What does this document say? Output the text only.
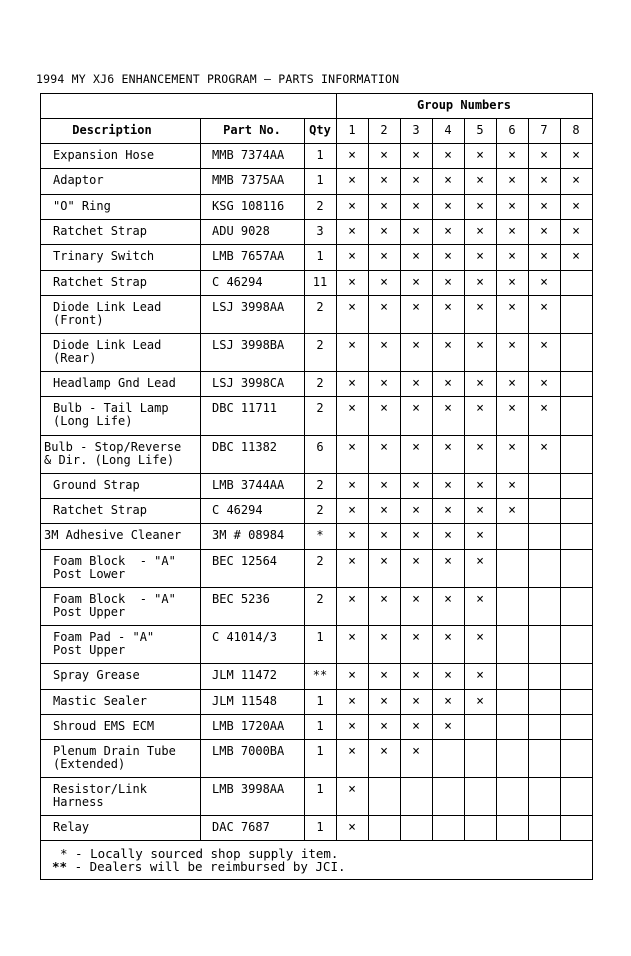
1994 MY XJ6 ENHANCEMENT PROGRAM – PARTS INFORMATION
Group Numbers
Description	Part No.	Qty	1	2	3	4	5	6	7	8
Expansion Hose	MMB 7374AA	1	×	×	×	×	×	×	×	×
Adaptor	MMB 7375AA	1	×	×	×	×	×	×	×	×
"O" Ring	KSG 108116	2	×	×	×	×	×	×	×	×
Ratchet Strap	ADU 9028	3	×	×	×	×	×	×	×	×
Trinary Switch	LMB 7657AA	1	×	×	×	×	×	×	×	×
Ratchet Strap	C 46294	11	×	×	×	×	×	×	×
Diode Link Lead
(Front)
LSJ 3998AA	2	×	×	×	×	×	×	×
Diode Link Lead
(Rear)
LSJ 3998BA	2	×	×	×	×	×	×	×
Headlamp Gnd Lead	LSJ 3998CA	2	×	×	×	×	×	×	×
Bulb - Tail Lamp
(Long Life)
DBC 11711	2	×	×	×	×	×	×	×
Bulb - Stop/Reverse
& Dir. (Long Life)
DBC 11382	6	×	×	×	×	×	×	×
Ground Strap	LMB 3744AA	2	×	×	×	×	×	×
Ratchet Strap	C 46294	2	×	×	×	×	×	×
3M Adhesive Cleaner	3M # 08984	*	×	×	×	×	×
Foam Block  - "A"
Post Lower
BEC 12564	2	×	×	×	×	×
Foam Block  - "A"
Post Upper
BEC 5236	2	×	×	×	×	×
Foam Pad - "A"
Post Upper
C 41014/3	1	×	×	×	×	×
Spray Grease	JLM 11472	**	×	×	×	×	×
Mastic Sealer	JLM 11548	1	×	×	×	×	×
Shroud EMS ECM	LMB 1720AA	1	×	×	×	×
Plenum Drain Tube
(Extended)
LMB 7000BA	1	×	×	×
Resistor/Link
Harness
LMB 3998AA	1	×
Relay	DAC 7687	1	×
* - Locally sourced shop supply item.
** - Dealers will be reimbursed by JCI.
